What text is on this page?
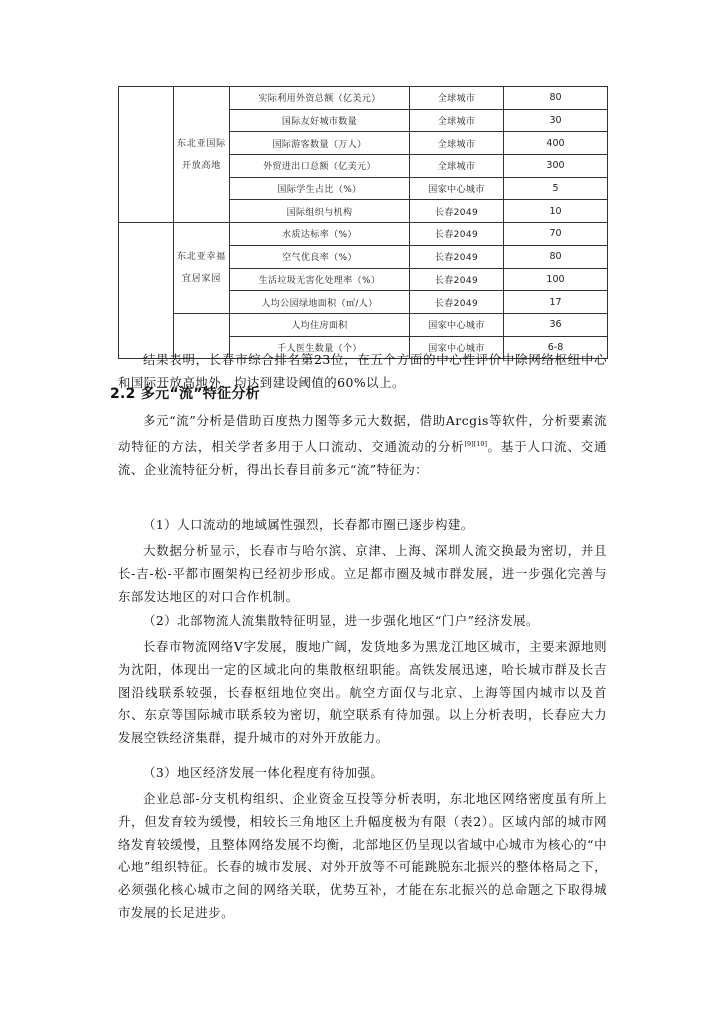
	东北亚国际开放高地	实际利用外资总额（亿美元）	全球城市	80
		国际友好城市数量	全球城市	30
		国际游客数量（万人）	全球城市	400
		外贸进出口总额（亿美元）	全球城市	300
		国际学生占比（%）	国家中心城市	5
		国际组织与机构	长春2049	10
	东北亚幸福宜居家园	水质达标率（%）	长春2049	70
		空气优良率（%）	长春2049	80
		生活垃圾无害化处理率（%）	长春2049	100
		人均公园绿地面积（㎡/人）	长春2049	17
		人均住房面积	国家中心城市	36
		千人医生数量（个）	国家中心城市	6-8

结果表明，长春市综合排名第23位，在五个方面的中心性评价中除网络枢纽中心和国际开放高地外，均达到建设阈值的60%以上。

2.2 多元“流”特征分析

多元“流”分析是借助百度热力图等多元大数据，借助Arcgis等软件，分析要素流动特征的方法，相关学者多用于人口流动、交通流动的分析[9][10]。基于人口流、交通流、企业流特征分析，得出长春目前多元“流”特征为：

（1）人口流动的地域属性强烈，长春都市圈已逐步构建。

大数据分析显示，长春市与哈尔滨、京津、上海、深圳人流交换最为密切，并且长-吉-松-平都市圈架构已经初步形成。立足都市圈及城市群发展，进一步强化完善与东部发达地区的对口合作机制。

（2）北部物流人流集散特征明显，进一步强化地区“门户”经济发展。

长春市物流网络V字发展，腹地广阔，发货地多为黑龙江地区城市，主要来源地则为沈阳，体现出一定的区域北向的集散枢纽职能。高铁发展迅速，哈长城市群及长吉图沿线联系较强，长春枢纽地位突出。航空方面仅与北京、上海等国内城市以及首尔、东京等国际城市联系较为密切，航空联系有待加强。以上分析表明，长春应大力发展空铁经济集群，提升城市的对外开放能力。

（3）地区经济发展一体化程度有待加强。

企业总部-分支机构组织、企业资金互投等分析表明，东北地区网络密度虽有所上升，但发育较为缓慢，相较长三角地区上升幅度极为有限（表2）。区域内部的城市网络发育较缓慢，且整体网络发展不均衡，北部地区仍呈现以省域中心城市为核心的“中心地”组织特征。长春的城市发展、对外开放等不可能跳脱东北振兴的整体格局之下，必须强化核心城市之间的网络关联，优势互补，才能在东北振兴的总命题之下取得城市发展的长足进步。
